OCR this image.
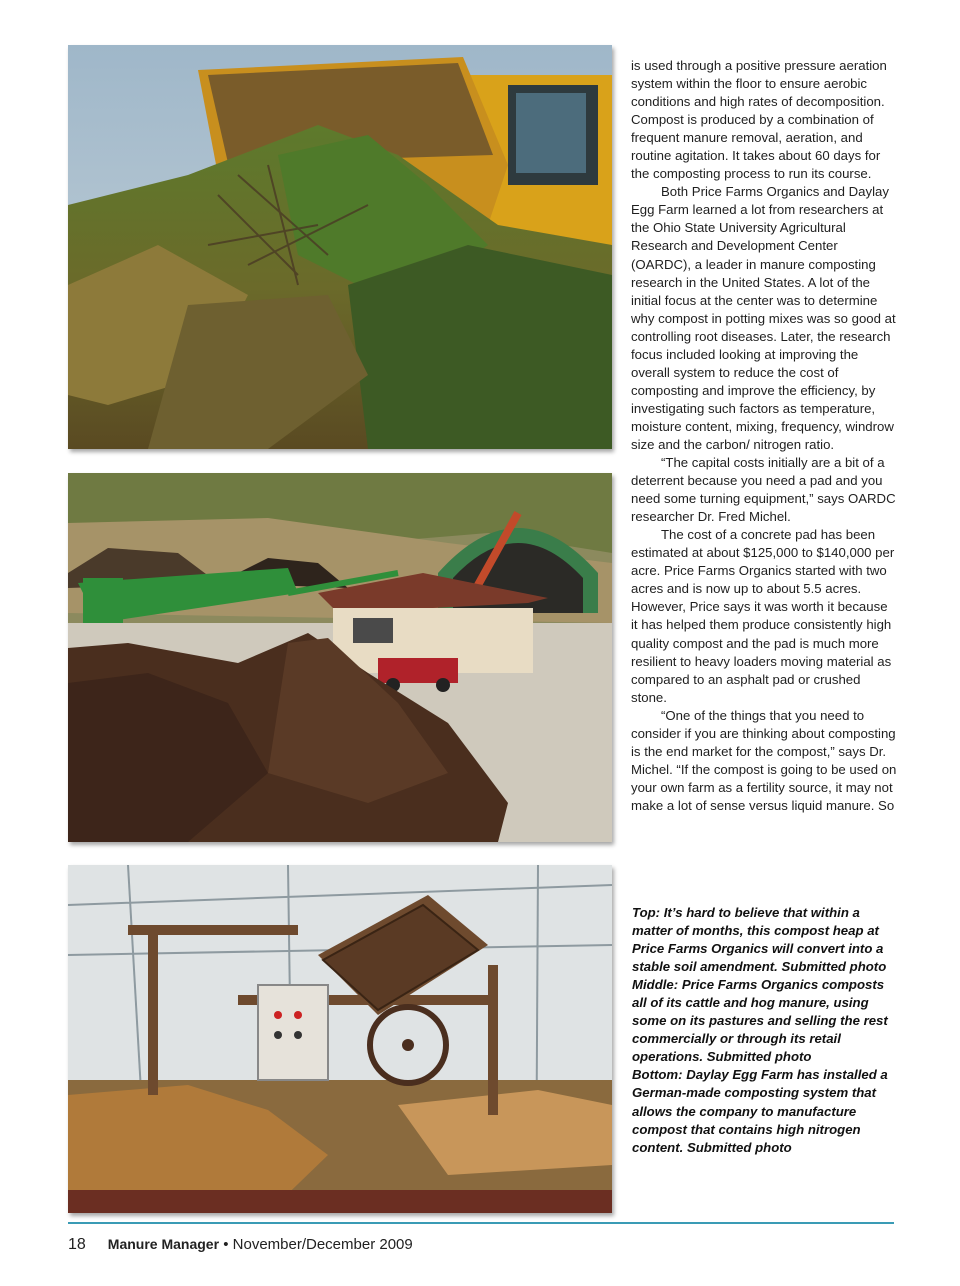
is used through a positive pressure aeration system within the floor to ensure aerobic conditions and high rates of decomposition. Compost is produced by a combination of frequent manure removal, aeration, and routine agitation. It takes about 60 days for the composting process to run its course.

Both Price Farms Organics and Daylay Egg Farm learned a lot from researchers at the Ohio State University Agricultural Research and Development Center (OARDC), a leader in manure composting research in the United States. A lot of the initial focus at the center was to determine why compost in potting mixes was so good at controlling root diseases. Later, the research focus included looking at improving the overall system to reduce the cost of composting and improve the efficiency, by investigating such factors as temperature, moisture content, mixing, frequency, windrow size and the carbon/ nitrogen ratio.

“The capital costs initially are a bit of a deterrent because you need a pad and you need some turning equipment,” says OARDC researcher Dr. Fred Michel.

The cost of a concrete pad has been estimated at about $125,000 to $140,000 per acre. Price Farms Organics started with two acres and is now up to about 5.5 acres. However, Price says it was worth it because it has helped them produce consistently high quality compost and the pad is much more resilient to heavy loaders moving material as compared to an asphalt pad or crushed stone.

“One of the things that you need to consider if you are thinking about composting is the end market for the compost,” says Dr. Michel. “If the compost is going to be used on your own farm as a fertility source, it may not make a lot of sense versus liquid manure. So

Top: It’s hard to believe that within a matter of months, this compost heap at Price Farms Organics will convert into a stable soil amendment. Submitted photo

Middle: Price Farms Organics composts all of its cattle and hog manure, using some on its pastures and selling the rest commercially or through its retail operations. Submitted photo

Bottom: Daylay Egg Farm has installed a German-made composting system that allows the company to manufacture compost that contains high nitrogen content. Submitted photo

18 Manure Manager • November/December 2009
